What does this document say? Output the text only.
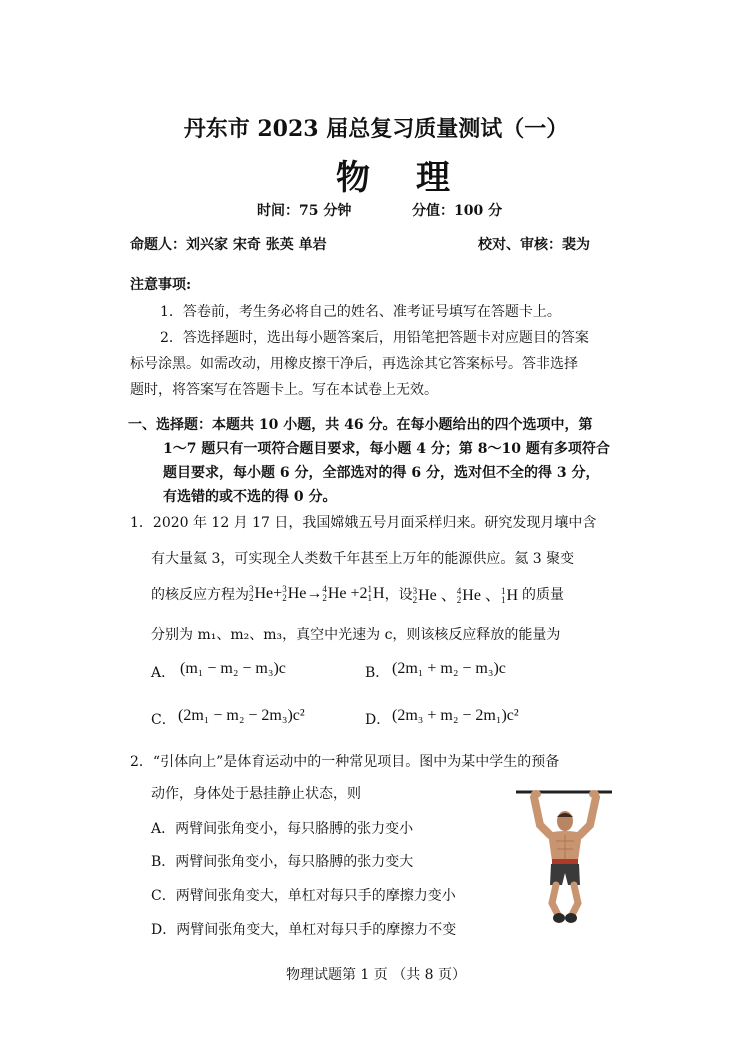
丹东市 2023 届总复习质量测试（一）
物理
时间：75 分钟	分值：100 分
命题人：刘兴家 宋奇 张英 单岩	校对、审核：裴为
注意事项:
1．答卷前，考生务必将自己的姓名、准考证号填写在答题卡上。
2．答选择题时，选出每小题答案后，用铅笔把答题卡对应题目的答案
标号涂黑。如需改动，用橡皮擦干净后，再选涂其它答案标号。答非选择
题时，将答案写在答题卡上。写在本试卷上无效。
一、选择题：本题共 10 小题，共 46 分。在每小题给出的四个选项中，第
1～7 题只有一项符合题目要求，每小题 4 分；第 8～10 题有多项符合
题目要求，每小题 6 分，全部选对的得 6 分，选对但不全的得 3 分，
有选错的或不选的得 0 分。
1．2020 年 12 月 17 日，我国嫦娥五号月面采样归来。研究发现月壤中含
有大量氦 3，可实现全人类数千年甚至上万年的能源供应。氦 3 聚变
的核反应方程为 3
2 He+ 3
2 He→ 4
2 He +2 1
1 H ，设 3
2 He 、 4
2 He 、 1
1 H 的质量
分别为 m₁、m₂、m₃，真空中光速为 c，则该核反应释放的能量为
A． (m₁ − m₂ − m₃)c	B． (2m₁ + m₂ − m₃)c
C． (2m₁ − m₂ − 2m₃)c²	D． (2m₃ + m₂ − 2m₁)c²
2．“引体向上”是体育运动中的一种常见项目。图中为某中学生的预备
动作，身体处于悬挂静止状态，则
A．两臂间张角变小，每只胳膊的张力变小
B．两臂间张角变小，每只胳膊的张力变大
C．两臂间张角变大，单杠对每只手的摩擦力变小
D．两臂间张角变大，单杠对每只手的摩擦力不变
物理试题第 1 页 （共 8 页）
